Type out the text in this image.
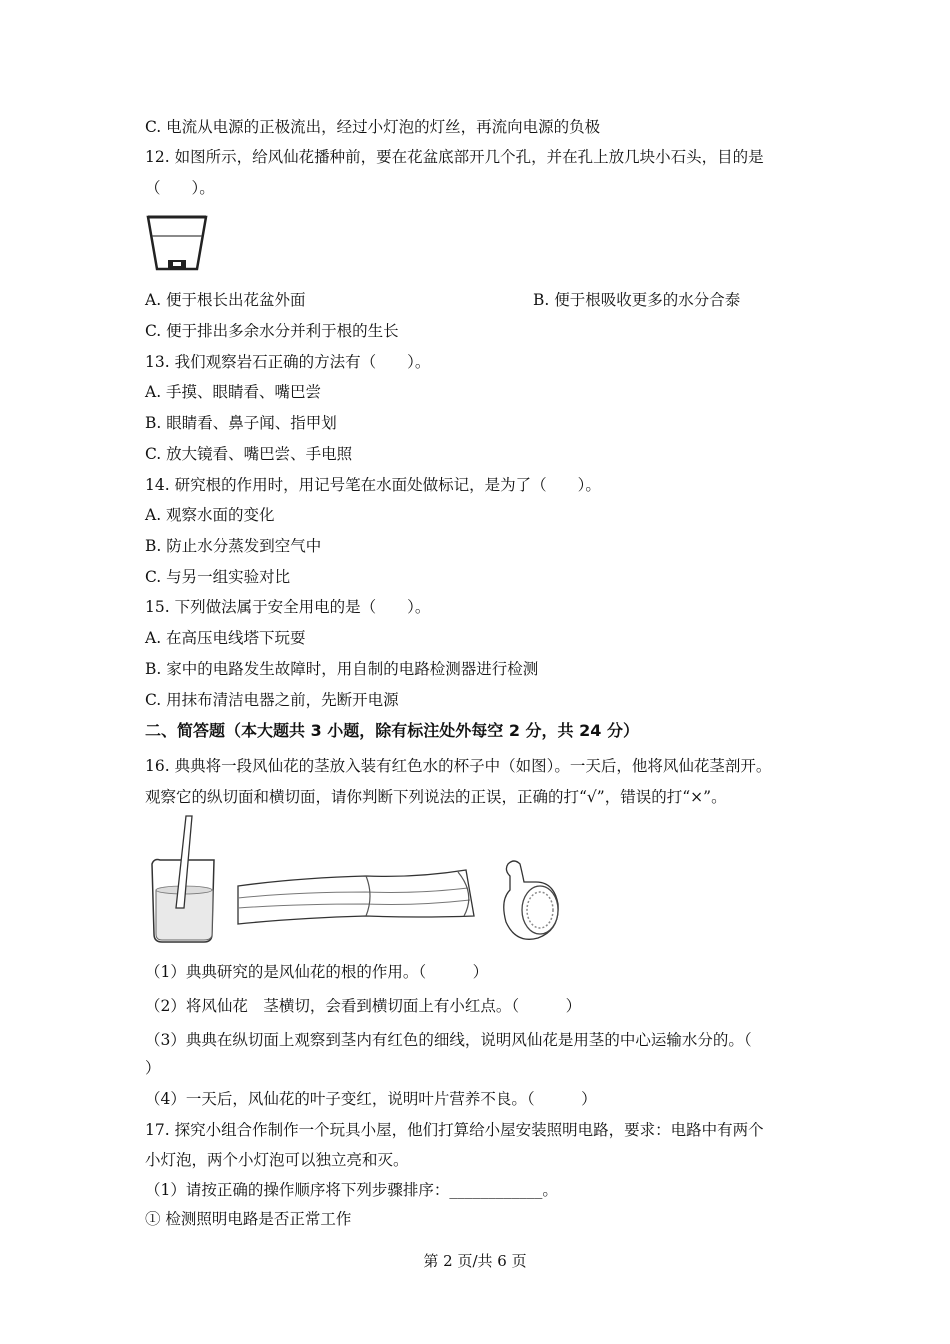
C. 电流从电源的正极流出，经过小灯泡的灯丝，再流向电源的负极
12. 如图所示，给风仙花播种前，要在花盆底部开几个孔，并在孔上放几块小石头，目的是
（　　）。
A. 便于根长出花盆外面	B. 便于根吸收更多的水分合泰
C. 便于排出多余水分并利于根的生长
13. 我们观察岩石正确的方法有（　　）。
A. 手摸、眼睛看、嘴巴尝
B. 眼睛看、鼻子闻、指甲划
C. 放大镜看、嘴巴尝、手电照
14. 研究根的作用时，用记号笔在水面处做标记，是为了（　　）。
A. 观察水面的变化
B. 防止水分蒸发到空气中
C. 与另一组实验对比
15. 下列做法属于安全用电的是（　　）。
A. 在高压电线塔下玩耍
B. 家中的电路发生故障时，用自制的电路检测器进行检测
C. 用抹布清洁电器之前，先断开电源
二、简答题（本大题共 3 小题，除有标注处外每空 2 分，共 24 分）
16. 典典将一段风仙花的茎放入装有红色水的杯子中（如图）。一天后，他将风仙花茎剖开。
观察它的纵切面和横切面，请你判断下列说法的正误，正确的打“√”，错误的打“×”。
（1）典典研究的是风仙花的根的作用。（　　　）
（2）将风仙花　茎横切，会看到横切面上有小红点。（　　　）
（3）典典在纵切面上观察到茎内有红色的细线，说明风仙花是用茎的中心运输水分的。（
）
（4）一天后，风仙花的叶子变红，说明叶片营养不良。（　　　）
17. 探究小组合作制作一个玩具小屋，他们打算给小屋安装照明电路，要求：电路中有两个
小灯泡，两个小灯泡可以独立亮和灭。
（1）请按正确的操作顺序将下列步骤排序：____________。
① 检测照明电路是否正常工作
第 2 页/共 6 页
